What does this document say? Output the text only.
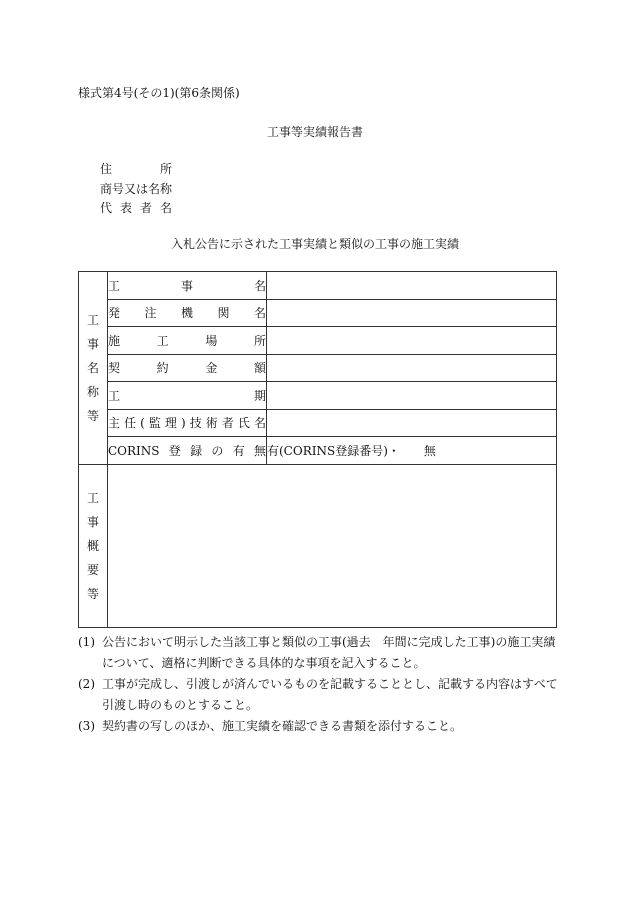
様式第4号(その1)(第6条関係)
工事等実績報告書
住　所
商号又は名称
代表者名
入札公告に示された工事実績と類似の工事の施工実績
工事名称等	工事名	

	発注機関名	

	施工場所	

	契約金額	

	工期	

	主任(監理)技術者氏名	

	CORINS登録の有無	有(CORINS登録番号)・　　無
工事概要等		
(1) 公告において明示した当該工事と類似の工事(過去　年間に完成した工事)の施工実績について、適格に判断できる具体的な事項を記入すること。
(2) 工事が完成し、引渡しが済んでいるものを記載することとし、記載する内容はすべて引渡し時のものとすること。
(3) 契約書の写しのほか、施工実績を確認できる書類を添付すること。
